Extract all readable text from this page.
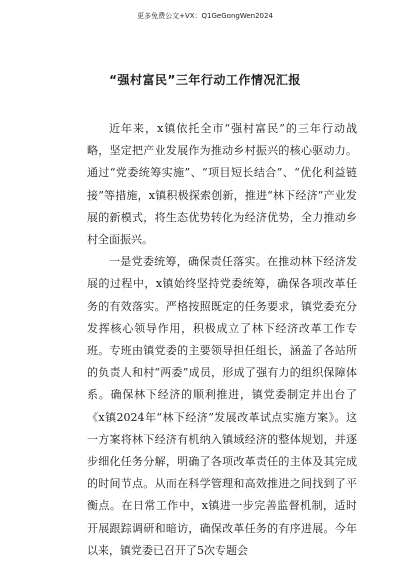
更多免费公文+VX：Q1GeGongWen2024
“强村富民”三年行动工作情况汇报

近年来，x镇依托全市“强村富民”的三年行动战略，坚定把产业发展作为推动乡村振兴的核心驱动力。通过“党委统筹实施”、“项目短长结合”、“优化利益链接”等措施，x镇积极探索创新，推进“林下经济”产业发展的新模式，将生态优势转化为经济优势，全力推动乡村全面振兴。

一是党委统筹，确保责任落实。在推动林下经济发展的过程中，x镇始终坚持党委统筹，确保各项改革任务的有效落实。严格按照既定的任务要求，镇党委充分发挥核心领导作用，积极成立了林下经济改革工作专班。专班由镇党委的主要领导担任组长，涵盖了各站所的负责人和村“两委”成员，形成了强有力的组织保障体系。确保林下经济的顺利推进，镇党委制定并出台了《x镇2024年“林下经济”发展改革试点实施方案》。这一方案将林下经济有机纳入镇域经济的整体规划，并逐步细化任务分解，明确了各项改革责任的主体及其完成的时间节点。从而在科学管理和高效推进之间找到了平衡点。在日常工作中，x镇进一步完善监督机制，适时开展跟踪调研和暗访，确保改革任务的有序进展。今年以来，镇党委已召开了5次专题会
